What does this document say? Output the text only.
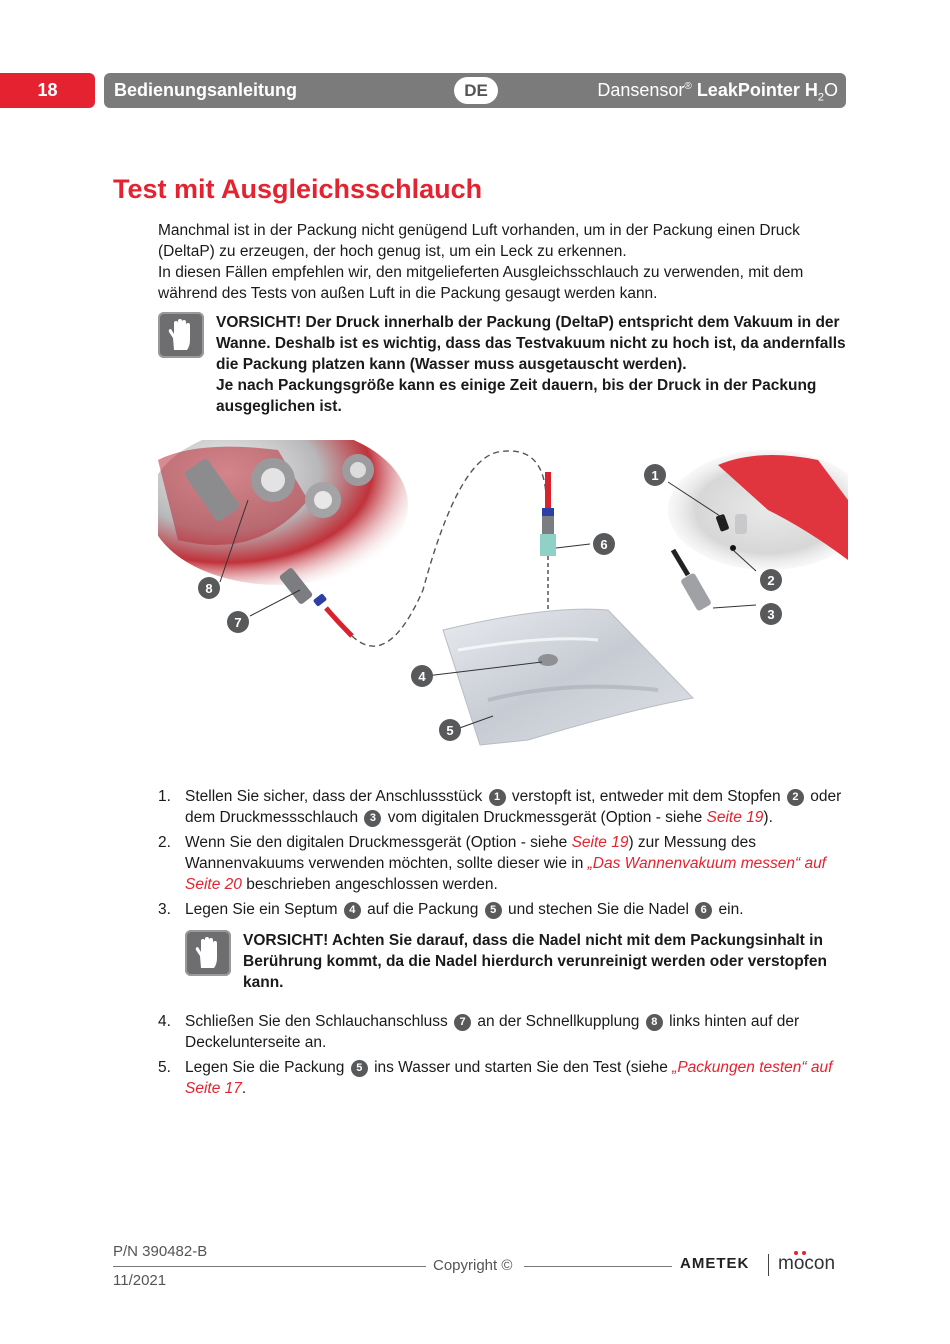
18	Bedienungsanleitung	DE	Dansensor® LeakPointer $H_2O$
Test mit Ausgleichsschlauch

Manchmal ist in der Packung nicht genügend Luft vorhanden, um in der Packung einen Druck (DeltaP) zu erzeugen, der hoch genug ist, um ein Leck zu erkennen.

In diesen Fällen empfehlen wir, den mitgelieferten Ausgleichsschlauch zu verwenden, mit dem während des Tests von außen Luft in die Packung gesaugt werden kann.

VORSICHT! Der Druck innerhalb der Packung (DeltaP) entspricht dem Vakuum in der Wanne. Deshalb ist es wichtig, dass das Testvakuum nicht zu hoch ist, da andernfalls die Packung platzen kann (Wasser muss ausgetauscht werden).

Je nach Packungsgröße kann es einige Zeit dauern, bis der Druck in der Packung ausgeglichen ist.

1
2
3
4
5
6
7
8
1. Stellen Sie sicher, dass der Anschlussstück 1 verstopft ist, entweder mit dem Stopfen 2 oder dem Druckmessschlauch 3 vom digitalen Druckmessgerät (Option - siehe Seite 19).
2. Wenn Sie den digitalen Druckmessgerät (Option - siehe Seite 19) zur Messung des Wannenvakuums verwenden möchten, sollte dieser wie in „Das Wannenvakuum messen“ auf Seite 20 beschrieben angeschlossen werden.
3. Legen Sie ein Septum 4 auf die Packung 5 und stechen Sie die Nadel 6 ein.
VORSICHT! Achten Sie darauf, dass die Nadel nicht mit dem Packungsinhalt in Berührung kommt, da die Nadel hierdurch verunreinigt werden oder verstopfen kann.
4. Schließen Sie den Schlauchanschluss 7 an der Schnellkupplung 8 links hinten auf der Deckelunterseite an.
5. Legen Sie die Packung 5 ins Wasser und starten Sie den Test (siehe „Packungen testen“ auf Seite 17.
P/N 390482-B
Copyright ©
11/2021
AMETEK mocon
